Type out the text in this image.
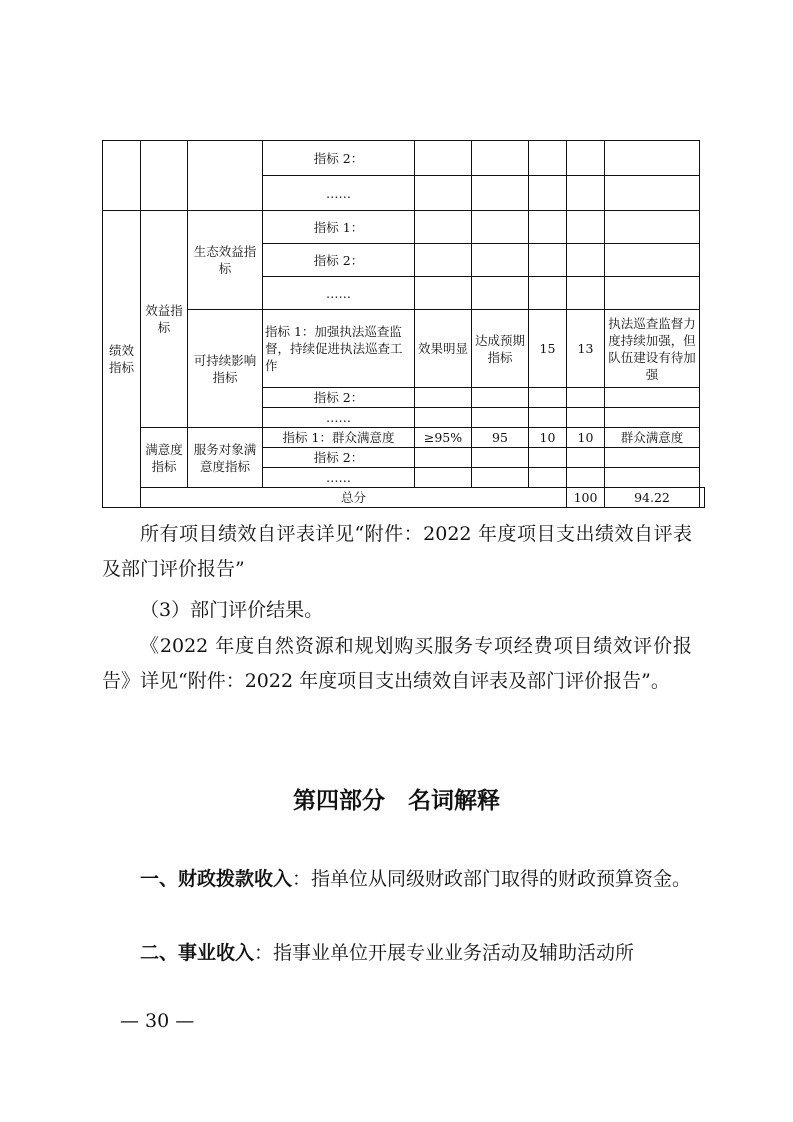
			指标 2：						
			……						
绩效指标	效益指标	生态效益指标	指标 1：						
			指标 2：						
			……						
		可持续影响指标	指标 1：加强执法巡查监督，持续促进执法巡查工作	效果明显	达成预期指标	15	13	执法巡查监督力度持续加强，但队伍建设有待加强	
			指标 2：						
			……						
	满意度指标	服务对象满意度指标	指标 1：群众满意度	≥95%	95	10	10	群众满意度	
			指标 2：						
			……						
	总分						100	94.22	

所有项目绩效自评表详见“附件：2022 年度项目支出绩效自评表及部门评价报告”

（3）部门评价结果。

《2022 年度自然资源和规划购买服务专项经费项目绩效评价报告》详见“附件：2022 年度项目支出绩效自评表及部门评价报告”。

第四部分　名词解释

一、财政拨款收入：指单位从同级财政部门取得的财政预算资金。

二、事业收入：指事业单位开展专业业务活动及辅助活动所

— 30 —
